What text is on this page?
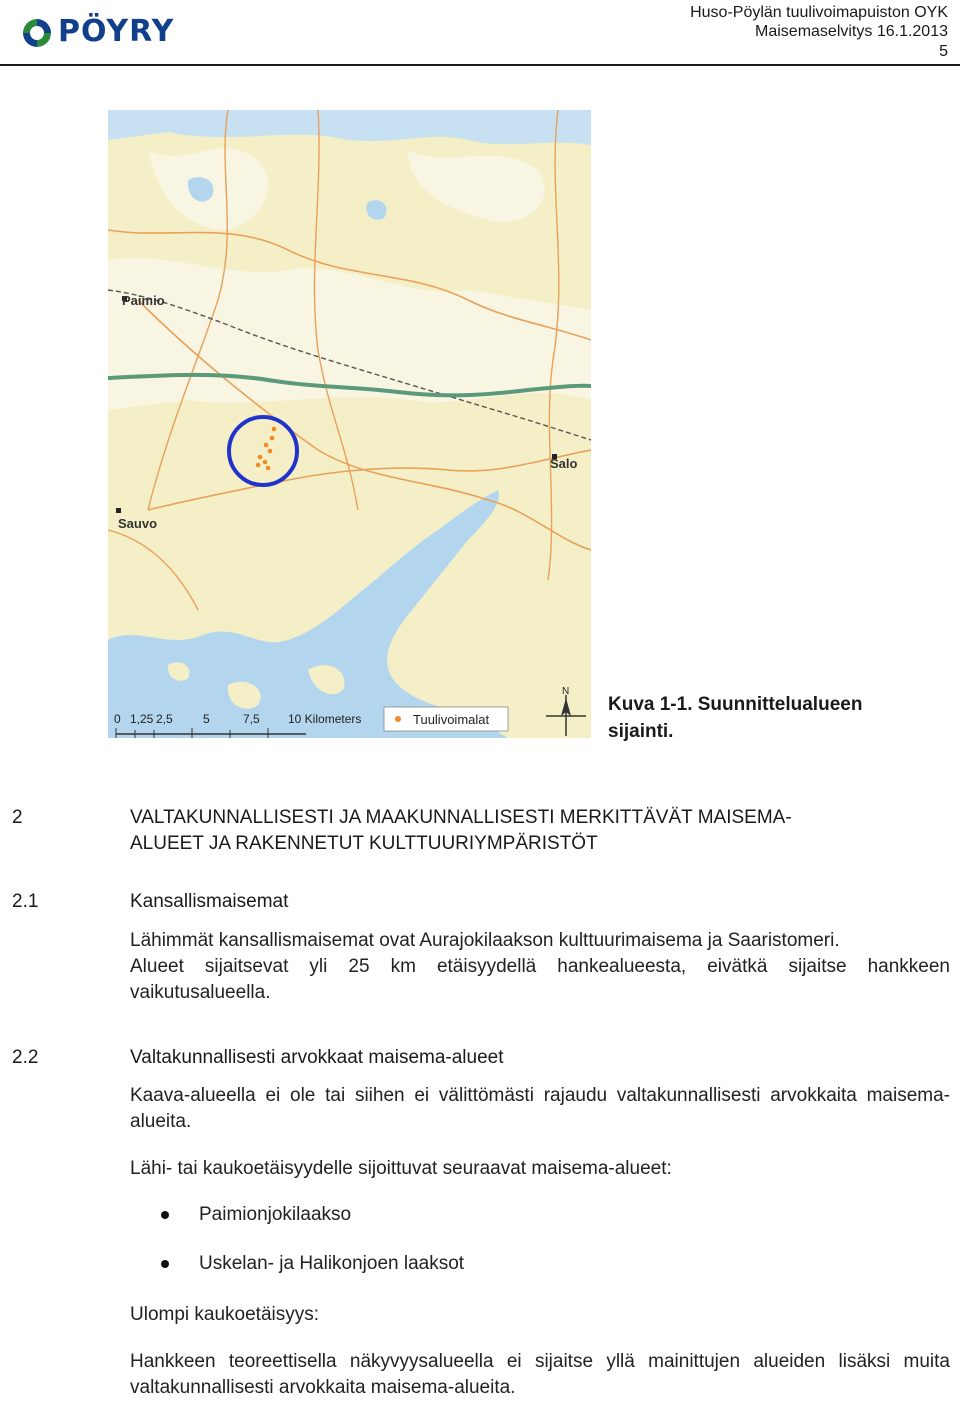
PÖYRY
Huso-Pöylän tuulivoimapuiston OYK
Maisemaselvitys 16.1.2013
5
Paimio
Salo
Sauvo
0 1,25 2,5	5	7,5 10 Kilometers	Tuulivoimalat
N
Kuva 1-1. Suunnittelualueen sijainti.
2	VALTAKUNNALLISESTI JA MAAKUNNALLISESTI MERKITTÄVÄT MAISEMA-
ALUEET JA RAKENNETUT KULTTUURIYMPÄRISTÖT
2.1	Kansallismaisemat
Lähimmät kansallismaisemat ovat Aurajokilaakson kulttuurimaisema ja Saaristomeri.
Alueet sijaitsevat yli 25 km etäisyydellä hankealueesta, eivätkä sijaitse hankkeen vaikutusalueella.
2.2	Valtakunnallisesti arvokkaat maisema-alueet
Kaava-alueella ei ole tai siihen ei välittömästi rajaudu valtakunnallisesti arvokkaita maisema-alueita.
Lähi- tai kaukoetäisyydelle sijoittuvat seuraavat maisema-alueet:
Paimionjokilaakso
Uskelan- ja Halikonjoen laaksot
Ulompi kaukoetäisyys:
Hankkeen teoreettisella näkyvyysalueella ei sijaitse yllä mainittujen alueiden lisäksi muita valtakunnallisesti arvokkaita maisema-alueita.
